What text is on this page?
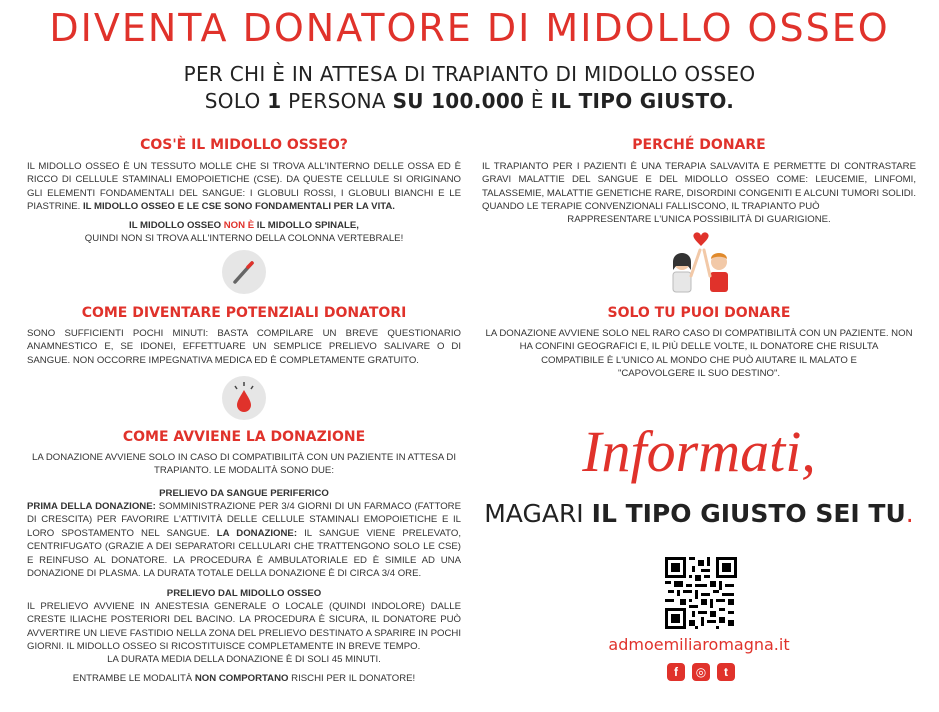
DIVENTA DONATORE DI MIDOLLO OSSEO
PER CHI È IN ATTESA DI TRAPIANTO DI MIDOLLO OSSEO
SOLO 1 PERSONA SU 100.000 È IL TIPO GIUSTO.
COS'È IL MIDOLLO OSSEO?
IL MIDOLLO OSSEO È UN TESSUTO MOLLE CHE SI TROVA ALL'INTERNO DELLE OSSA ED È RICCO DI CELLULE STAMINALI EMOPOIETICHE (CSE). DA QUESTE CELLULE SI ORIGINANO GLI ELEMENTI FONDAMENTALI DEL SANGUE: I GLOBULI ROSSI, I GLOBULI BIANCHI E LE PIASTRINE. IL MIDOLLO OSSEO E LE CSE SONO FONDAMENTALI PER LA VITA.
IL MIDOLLO OSSEO NON È IL MIDOLLO SPINALE,
QUINDI NON SI TROVA ALL'INTERNO DELLA COLONNA VERTEBRALE!
COME DIVENTARE POTENZIALI DONATORI
SONO SUFFICIENTI POCHI MINUTI: BASTA COMPILARE UN BREVE QUESTIONARIO ANAMNESTICO E, SE IDONEI, EFFETTUARE UN SEMPLICE PRELIEVO SALIVARE O DI SANGUE. NON OCCORRE IMPEGNATIVA MEDICA ED È COMPLETAMENTE GRATUITO.
COME AVVIENE LA DONAZIONE
LA DONAZIONE AVVIENE SOLO IN CASO DI COMPATIBILITÀ CON UN PAZIENTE IN ATTESA DI TRAPIANTO. LE MODALITÀ SONO DUE:
PRELIEVO DA SANGUE PERIFERICO
PRIMA DELLA DONAZIONE: SOMMINISTRAZIONE PER 3/4 GIORNI DI UN FARMACO (FATTORE DI CRESCITA) PER FAVORIRE L'ATTIVITÀ DELLE CELLULE STAMINALI EMOPOIETICHE E IL LORO SPOSTAMENTO NEL SANGUE. LA DONAZIONE: IL SANGUE VIENE PRELEVATO, CENTRIFUGATO (GRAZIE A DEI SEPARATORI CELLULARI CHE TRATTENGONO SOLO LE CSE) E REINFUSO AL DONATORE. LA PROCEDURA È AMBULATORIALE ED È SIMILE AD UNA DONAZIONE DI PLASMA. LA DURATA TOTALE DELLA DONAZIONE È DI CIRCA 3/4 ORE.
PRELIEVO DAL MIDOLLO OSSEO
IL PRELIEVO AVVIENE IN ANESTESIA GENERALE O LOCALE (QUINDI INDOLORE) DALLE CRESTE ILIACHE POSTERIORI DEL BACINO. LA PROCEDURA È SICURA, IL DONATORE PUÒ AVVERTIRE UN LIEVE FASTIDIO NELLA ZONA DEL PRELIEVO DESTINATO A SPARIRE IN POCHI GIORNI. IL MIDOLLO OSSEO SI RICOSTITUISCE COMPLETAMENTE IN BREVE TEMPO.
LA DURATA MEDIA DELLA DONAZIONE È DI SOLI 45 MINUTI.
ENTRAMBE LE MODALITÀ NON COMPORTANO RISCHI PER IL DONATORE!
PERCHÉ DONARE
IL TRAPIANTO PER I PAZIENTI È UNA TERAPIA SALVAVITA E PERMETTE DI CONTRASTARE GRAVI MALATTIE DEL SANGUE E DEL MIDOLLO OSSEO COME: LEUCEMIE, LINFOMI, TALASSEMIE, MALATTIE GENETICHE RARE, DISORDINI CONGENITI E ALCUNI TUMORI SOLIDI. QUANDO LE TERAPIE CONVENZIONALI FALLISCONO, IL TRAPIANTO PUÒ
RAPPRESENTARE L'UNICA POSSIBILITÀ DI GUARIGIONE.
SOLO TU PUOI DONARE
LA DONAZIONE AVVIENE SOLO NEL RARO CASO DI COMPATIBILITÀ CON UN PAZIENTE. NON HA CONFINI GEOGRAFICI E, IL PIÙ DELLE VOLTE, IL DONATORE CHE RISULTA
COMPATIBILE È L'UNICO AL MONDO CHE PUÒ AIUTARE IL MALATO E
"CAPOVOLGERE IL SUO DESTINO".
Informati,
MAGARI IL TIPO GIUSTO SEI TU.
admoemiliaromagna.it
f	◎	t
